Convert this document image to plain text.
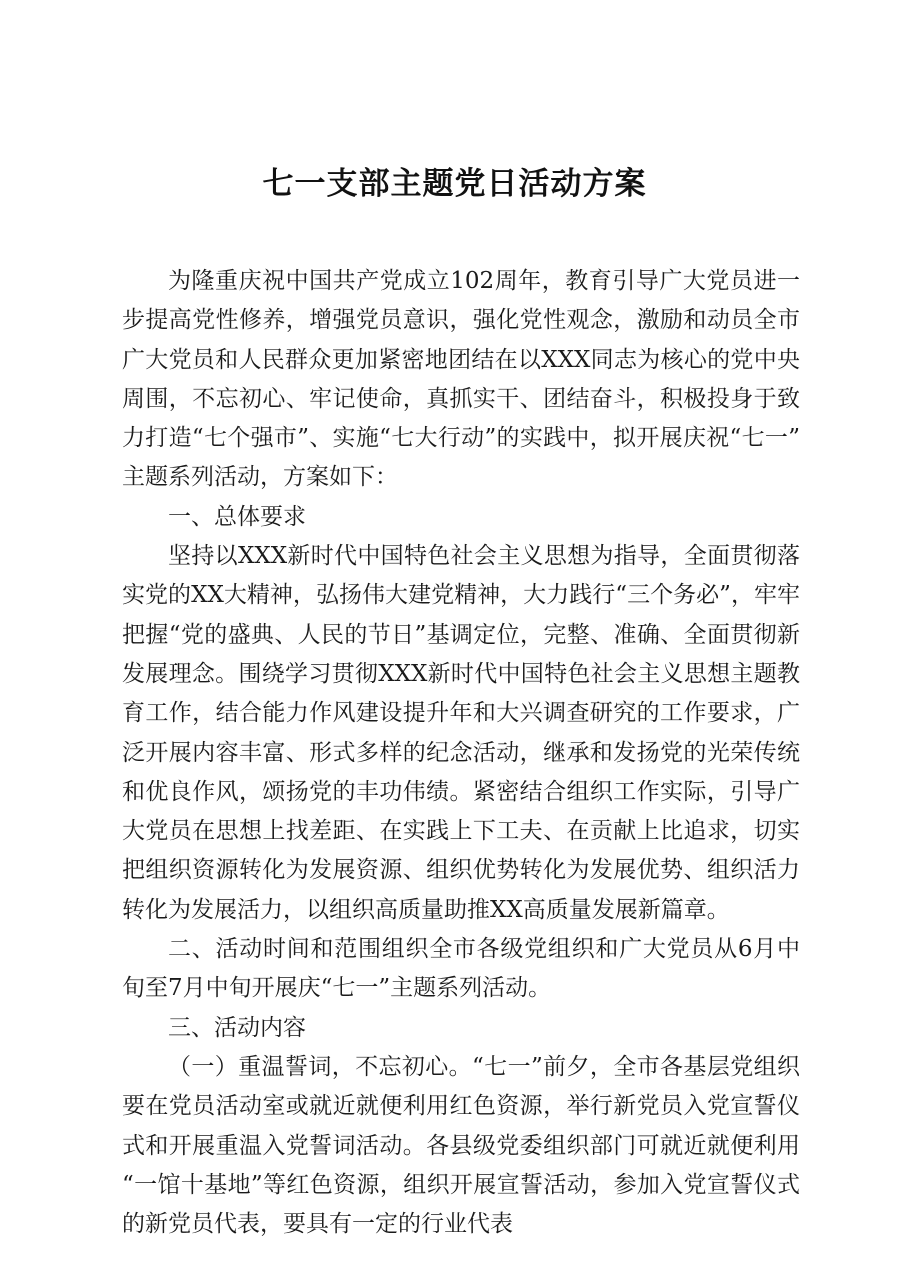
七一支部主题党日活动方案

为隆重庆祝中国共产党成立102周年，教育引导广大党员进一步提高党性修养，增强党员意识，强化党性观念，激励和动员全市广大党员和人民群众更加紧密地团结在以XXX同志为核心的党中央周围，不忘初心、牢记使命，真抓实干、团结奋斗，积极投身于致力打造“七个强市”、实施“七大行动”的实践中，拟开展庆祝“七一”主题系列活动，方案如下：

一、总体要求

坚持以XXX新时代中国特色社会主义思想为指导，全面贯彻落实党的XX大精神，弘扬伟大建党精神，大力践行“三个务必”，牢牢把握“党的盛典、人民的节日”基调定位，完整、准确、全面贯彻新发展理念。围绕学习贯彻XXX新时代中国特色社会主义思想主题教育工作，结合能力作风建设提升年和大兴调查研究的工作要求，广泛开展内容丰富、形式多样的纪念活动，继承和发扬党的光荣传统和优良作风，颂扬党的丰功伟绩。紧密结合组织工作实际，引导广大党员在思想上找差距、在实践上下工夫、在贡献上比追求，切实把组织资源转化为发展资源、组织优势转化为发展优势、组织活力转化为发展活力，以组织高质量助推XX高质量发展新篇章。

二、活动时间和范围组织全市各级党组织和广大党员从6月中旬至7月中旬开展庆“七一”主题系列活动。

三、活动内容

（一）重温誓词，不忘初心。“七一”前夕，全市各基层党组织要在党员活动室或就近就便利用红色资源，举行新党员入党宣誓仪式和开展重温入党誓词活动。各县级党委组织部门可就近就便利用“一馆十基地”等红色资源，组织开展宣誓活动，参加入党宣誓仪式的新党员代表，要具有一定的行业代表
